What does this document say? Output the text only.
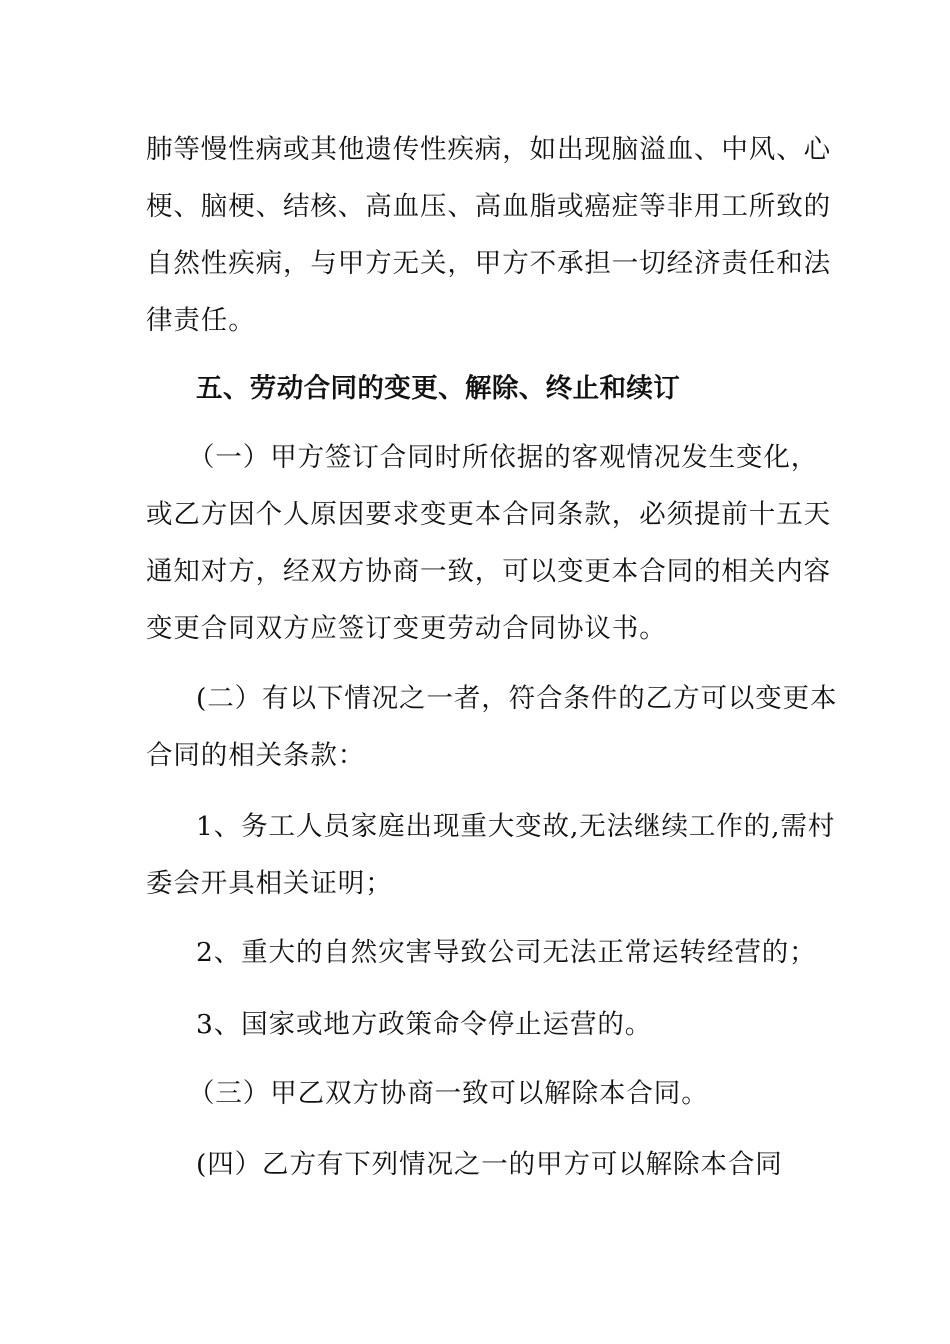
肺等慢性病或其他遗传性疾病，如出现脑溢血、中风、心
梗、脑梗、结核、高血压、高血脂或癌症等非用工所致的
自然性疾病，与甲方无关，甲方不承担一切经济责任和法
律责任。
五、劳动合同的变更、解除、终止和续订
（一）甲方签订合同时所依据的客观情况发生变化，
或乙方因个人原因要求变更本合同条款，必须提前十五天
通知对方，经双方协商一致，可以变更本合同的相关内容
变更合同双方应签订变更劳动合同协议书。
(二）有以下情况之一者，符合条件的乙方可以变更本
合同的相关条款：
1、务工人员家庭出现重大变故,无法继续工作的,需村
委会开具相关证明；
2、重大的自然灾害导致公司无法正常运转经营的；
3、国家或地方政策命令停止运营的。
（三）甲乙双方协商一致可以解除本合同。
(四）乙方有下列情况之一的甲方可以解除本合同
